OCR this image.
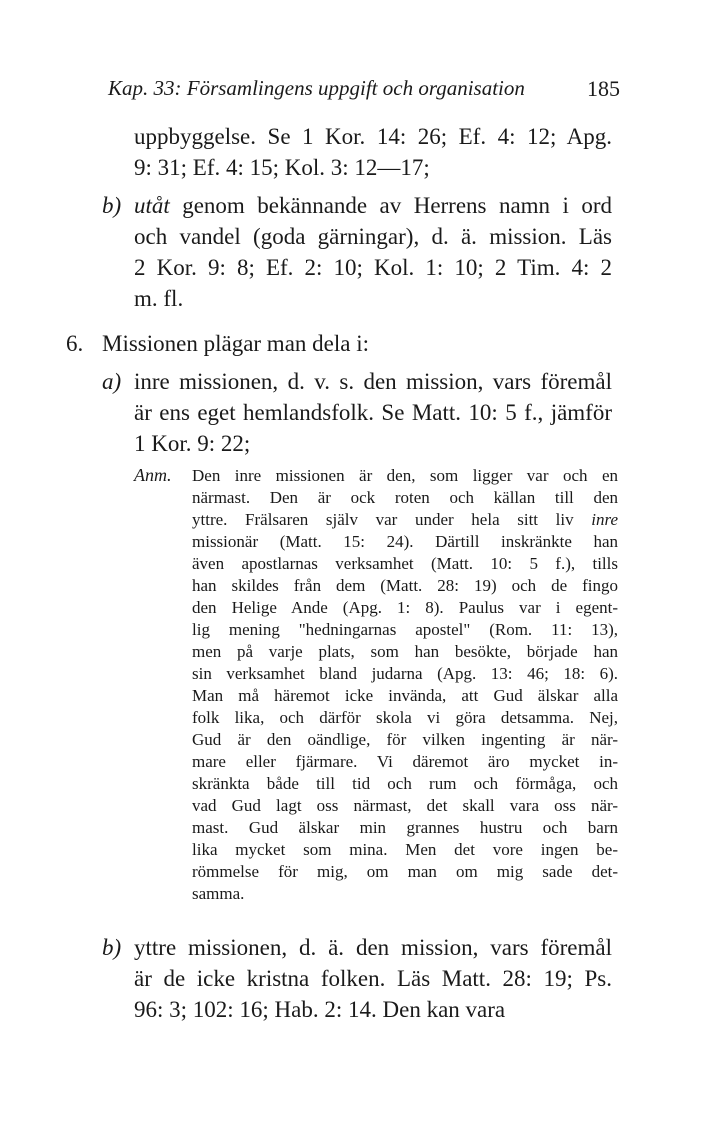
Kap. 33: Församlingens uppgift och organisation	185
uppbyggelse. Se 1 Kor. 14: 26; Ef. 4: 12; Apg.
9: 31; Ef. 4: 15; Kol. 3: 12—17;
b) utåt genom bekännande av Herrens namn i ord
och vandel (goda gärningar), d. ä. mission. Läs
2 Kor. 9: 8; Ef. 2: 10; Kol. 1: 10; 2 Tim. 4: 2
m. fl.
6. Missionen plägar man dela i:
a) inre missionen, d. v. s. den mission, vars föremål
är ens eget hemlandsfolk. Se Matt. 10: 5 f., jämför
1 Kor. 9: 22;
Anm. Den inre missionen är den, som ligger var och en
närmast. Den är ock roten och källan till den
yttre. Frälsaren själv var under hela sitt liv inre
missionär (Matt. 15: 24). Därtill inskränkte han
även apostlarnas verksamhet (Matt. 10: 5 f.), tills
han skildes från dem (Matt. 28: 19) och de fingo
den Helige Ande (Apg. 1: 8). Paulus var i egent-
lig mening "hedningarnas apostel" (Rom. 11: 13),
men på varje plats, som han besökte, började han
sin verksamhet bland judarna (Apg. 13: 46; 18: 6).
Man må häremot icke invända, att Gud älskar alla
folk lika, och därför skola vi göra detsamma. Nej,
Gud är den oändlige, för vilken ingenting är när-
mare eller fjärmare. Vi däremot äro mycket in-
skränkta både till tid och rum och förmåga, och
vad Gud lagt oss närmast, det skall vara oss när-
mast. Gud älskar min grannes hustru och barn
lika mycket som mina. Men det vore ingen be-
römmelse för mig, om man om mig sade det-
samma.
b) yttre missionen, d. ä. den mission, vars föremål
är de icke kristna folken. Läs Matt. 28: 19; Ps.
96: 3; 102: 16; Hab. 2: 14. Den kan vara
